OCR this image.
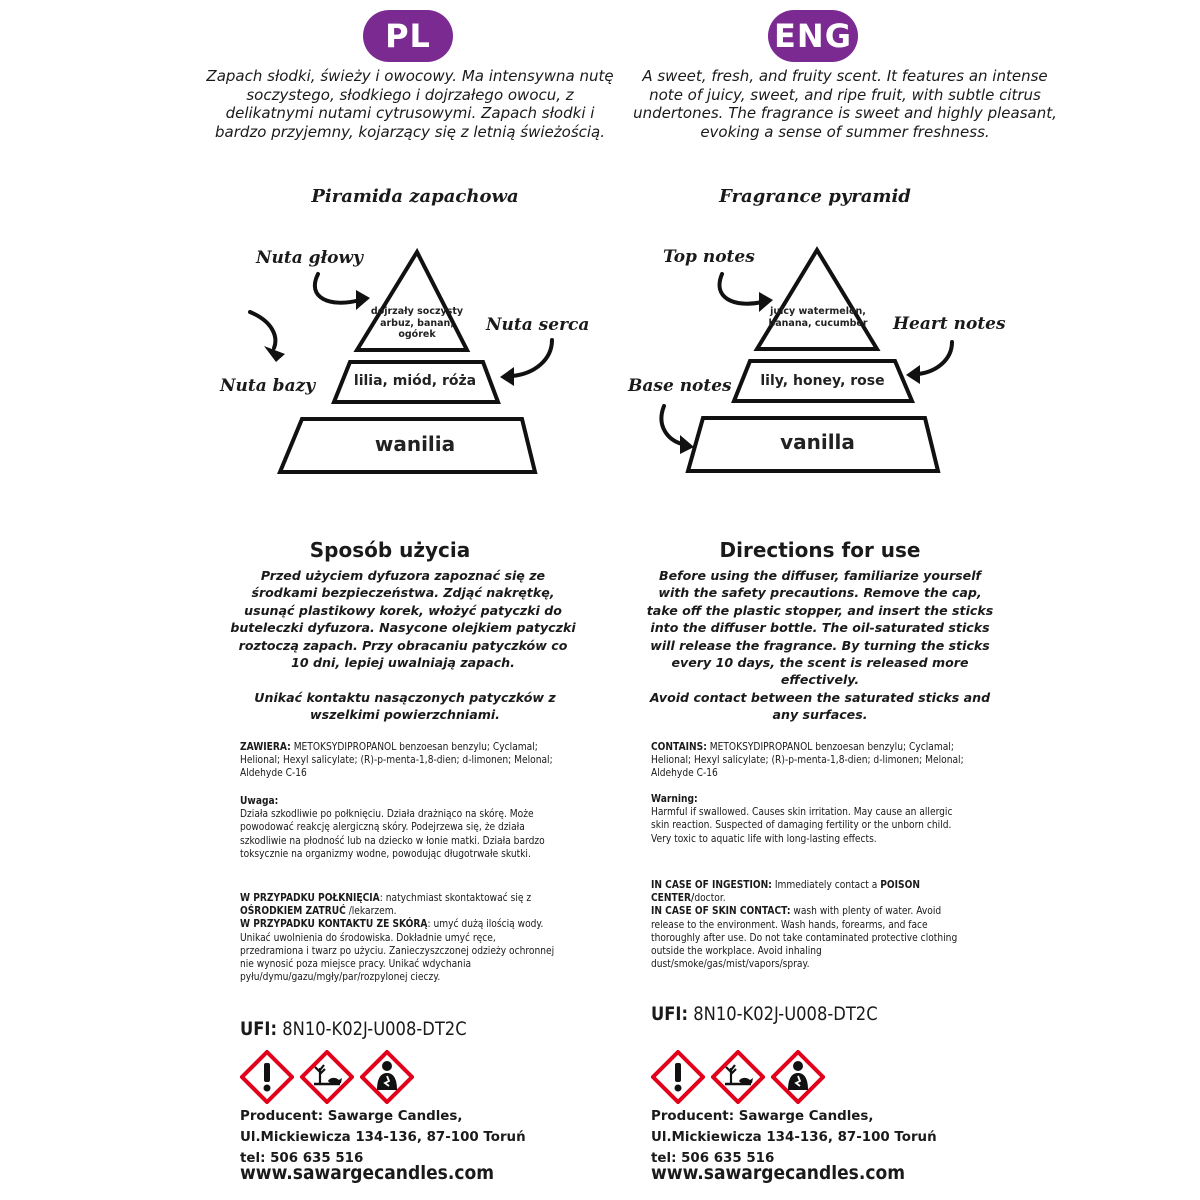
PL
Zapach słodki, świeży i owocowy. Ma intensywna nutę soczystego, słodkiego i dojrzałego owocu, z delikatnymi nutami cytrusowymi. Zapach słodki i bardzo przyjemny, kojarzący się z letnią świeżością.
Piramida zapachowa
dojrzały soczysty arbuz, banan, ogórek
lilia, miód, róża
wanilia
Nuta głowy
Nuta serca
Nuta bazy
Sposób użycia
Przed użyciem dyfuzora zapoznać się ze środkami bezpieczeństwa. Zdjąć nakrętkę, usunąć plastikowy korek, włożyć patyczki do buteleczki dyfuzora. Nasycone olejkiem patyczki roztoczą zapach. Przy obracaniu patyczków co 10 dni, lepiej uwalniają zapach.
Unikać kontaktu nasączonych patyczków z wszelkimi powierzchniami.
ZAWIERA: METOKSYDIPROPANOL benzoesan benzylu; Cyclamal; Helional; Hexyl salicylate; (R)-p-menta-1,8-dien; d-limonen; Melonal; Aldehyde C-16
Uwaga:
Działa szkodliwie po połknięciu. Działa drażniąco na skórę. Może powodować reakcję alergiczną skóry. Podejrzewa się, że działa szkodliwie na płodność lub na dziecko w łonie matki. Działa bardzo toksycznie na organizmy wodne, powodując długotrwałe skutki.
W PRZYPADKU POŁKNIĘCIA: natychmiast skontaktować się z OŚRODKIEM ZATRUĆ /lekarzem.
W PRZYPADKU KONTAKTU ZE SKÓRĄ: umyć dużą ilością wody. Unikać uwolnienia do środowiska. Dokładnie umyć ręce, przedramiona i twarz po użyciu. Zanieczyszczonej odzieży ochronnej nie wynosić poza miejsce pracy. Unikać wdychania pyłu/dymu/gazu/mgły/par/rozpylonej cieczy.
UFI: 8N10-K02J-U008-DT2C
Producent: Sawarge Candles,
Ul.Mickiewicza 134-136, 87-100 Toruń
tel: 506 635 516
www.sawargecandles.com
ENG
A sweet, fresh, and fruity scent. It features an intense note of juicy, sweet, and ripe fruit, with subtle citrus undertones. The fragrance is sweet and highly pleasant, evoking a sense of summer freshness.
Fragrance pyramid
juicy watermelon, banana, cucumber
lily, honey, rose
vanilla
Top notes
Heart notes
Base notes
Directions for use
Before using the diffuser, familiarize yourself with the safety precautions. Remove the cap, take off the plastic stopper, and insert the sticks into the diffuser bottle. The oil-saturated sticks will release the fragrance. By turning the sticks every 10 days, the scent is released more effectively.
Avoid contact between the saturated sticks and any surfaces.
CONTAINS: METOKSYDIPROPANOL benzoesan benzylu; Cyclamal; Helional; Hexyl salicylate; (R)-p-menta-1,8-dien; d-limonen; Melonal; Aldehyde C-16
Warning:
Harmful if swallowed. Causes skin irritation. May cause an allergic skin reaction. Suspected of damaging fertility or the unborn child. Very toxic to aquatic life with long-lasting effects.
IN CASE OF INGESTION: Immediately contact a POISON CENTER/doctor.
IN CASE OF SKIN CONTACT: wash with plenty of water. Avoid release to the environment. Wash hands, forearms, and face thoroughly after use. Do not take contaminated protective clothing outside the workplace. Avoid inhaling dust/smoke/gas/mist/vapors/spray.
UFI: 8N10-K02J-U008-DT2C
Producent: Sawarge Candles,
Ul.Mickiewicza 134-136, 87-100 Toruń
tel: 506 635 516
www.sawargecandles.com
